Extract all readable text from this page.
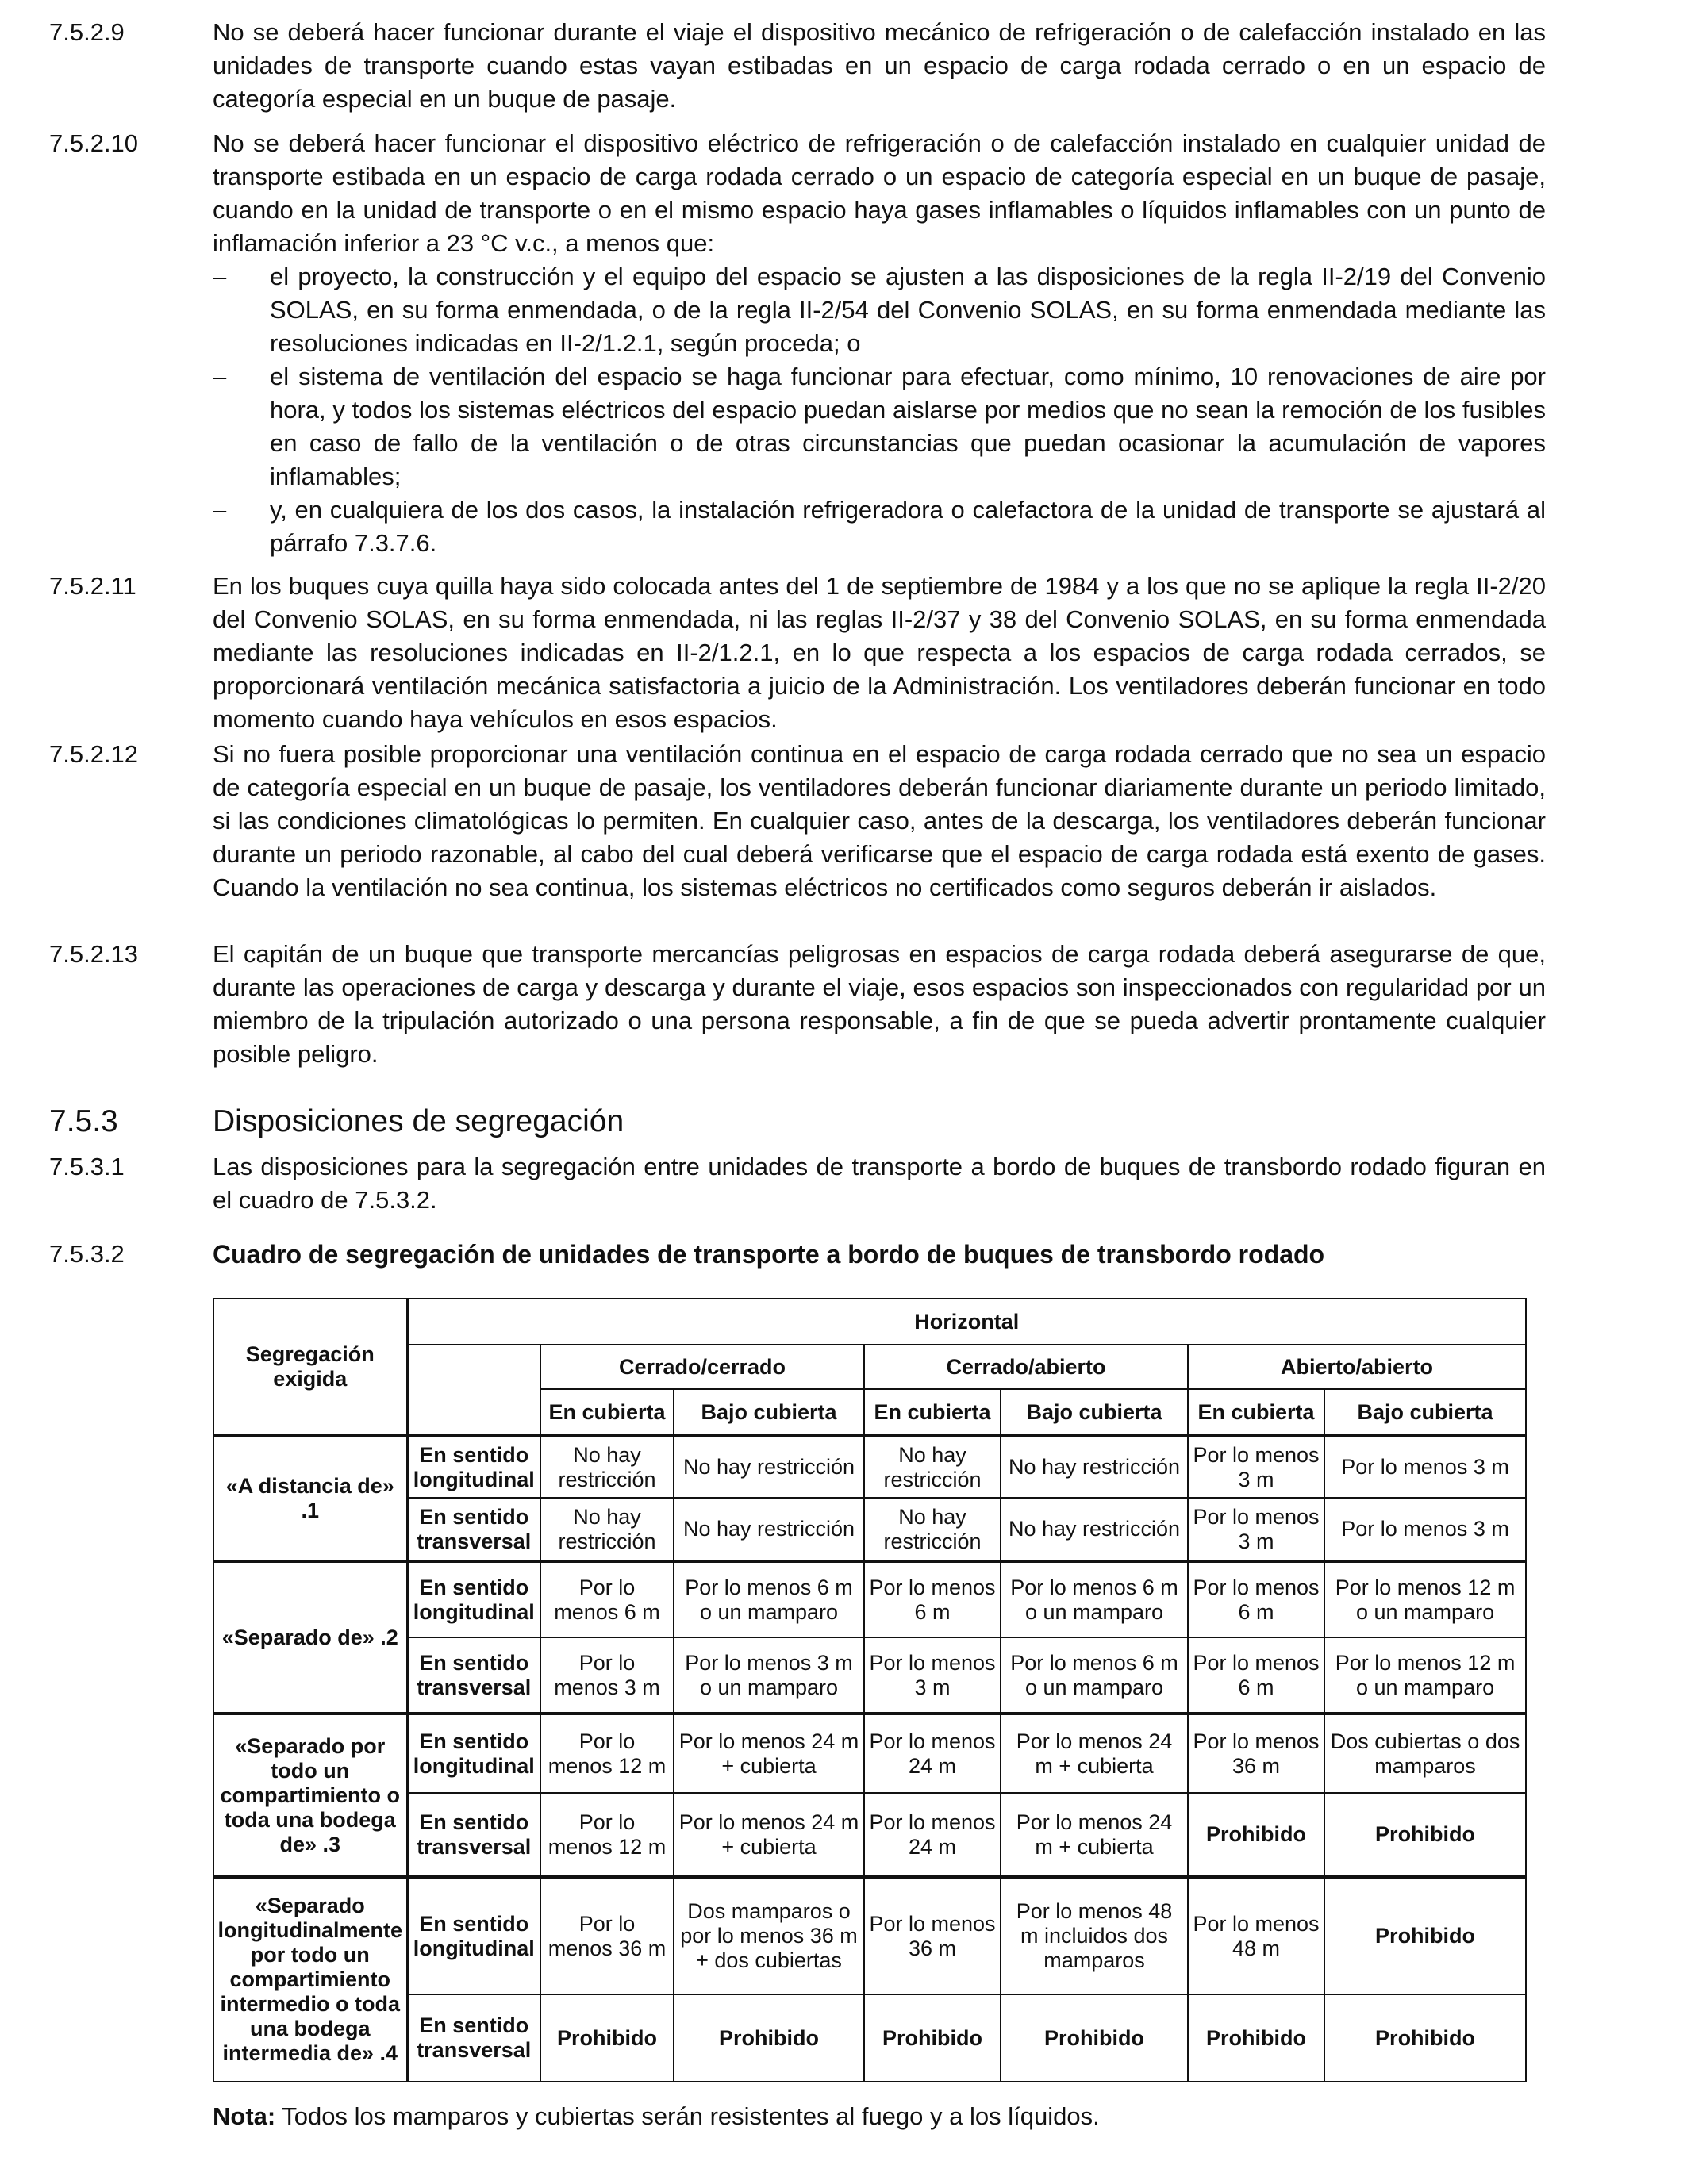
7.5.2.9	No se deberá hacer funcionar durante el viaje el dispositivo mecánico de refrigeración o de calefacción instalado en las unidades de transporte cuando estas vayan estibadas en un espacio de carga rodada cerrado o en un espacio de categoría especial en un buque de pasaje.
7.5.2.10	No se deberá hacer funcionar el dispositivo eléctrico de refrigeración o de calefacción instalado en cualquier unidad de transporte estibada en un espacio de carga rodada cerrado o un espacio de categoría especial en un buque de pasaje, cuando en la unidad de transporte o en el mismo espacio haya gases inflamables o líquidos inflamables con un punto de inflamación inferior a 23 °C v.c., a menos que:

– el proyecto, la construcción y el equipo del espacio se ajusten a las disposiciones de la regla II-2/19 del Convenio SOLAS, en su forma enmendada, o de la regla II-2/54 del Convenio SOLAS, en su forma enmendada mediante las resoluciones indicadas en II-2/1.2.1, según proceda; o
– el sistema de ventilación del espacio se haga funcionar para efectuar, como mínimo, 10 renovaciones de aire por hora, y todos los sistemas eléctricos del espacio puedan aislarse por medios que no sean la remoción de los fusibles en caso de fallo de la ventilación o de otras circunstancias que puedan ocasionar la acumulación de vapores inflamables;
– y, en cualquiera de los dos casos, la instalación refrigeradora o calefactora de la unidad de transporte se ajustará al párrafo 7.3.7.6.
7.5.2.11	En los buques cuya quilla haya sido colocada antes del 1 de septiembre de 1984 y a los que no se aplique la regla II-2/20 del Convenio SOLAS, en su forma enmendada, ni las reglas II-2/37 y 38 del Convenio SOLAS, en su forma enmendada mediante las resoluciones indicadas en II-2/1.2.1, en lo que respecta a los espacios de carga rodada cerrados, se proporcionará ventilación mecánica satisfactoria a juicio de la Administración. Los ventiladores deberán funcionar en todo momento cuando haya vehículos en esos espacios.
7.5.2.12	Si no fuera posible proporcionar una ventilación continua en el espacio de carga rodada cerrado que no sea un espacio de categoría especial en un buque de pasaje, los ventiladores deberán funcionar diariamente durante un periodo limitado, si las condiciones climatológicas lo permiten. En cualquier caso, antes de la descarga, los ventiladores deberán funcionar durante un periodo razonable, al cabo del cual deberá verificarse que el espacio de carga rodada está exento de gases. Cuando la ventilación no sea continua, los sistemas eléctricos no certificados como seguros deberán ir aislados.
7.5.2.13	El capitán de un buque que transporte mercancías peligrosas en espacios de carga rodada deberá asegurarse de que, durante las operaciones de carga y descarga y durante el viaje, esos espacios son inspeccionados con regularidad por un miembro de la tripulación autorizado o una persona responsable, a fin de que se pueda advertir prontamente cualquier posible peligro.
7.5.3	Disposiciones de segregación
7.5.3.1	Las disposiciones para la segregación entre unidades de transporte a bordo de buques de transbordo rodado figuran en el cuadro de 7.5.3.2.
7.5.3.2	Cuadro de segregación de unidades de transporte a bordo de buques de transbordo rodado
Segregación exigida	Horizontal						
		Cerrado/cerrado		Cerrado/abierto		Abierto/abierto	
		En cubierta	Bajo cubierta	En cubierta	Bajo cubierta	En cubierta	Bajo cubierta
«A distancia de» .1	En sentido longitudinal	No hay restricción	No hay restricción	No hay restricción	No hay restricción	Por lo menos 3 m	Por lo menos 3 m
	En sentido transversal	No hay restricción	No hay restricción	No hay restricción	No hay restricción	Por lo menos 3 m	Por lo menos 3 m
«Separado de» .2	En sentido longitudinal	Por lo menos 6 m	Por lo menos 6 m o un mamparo	Por lo menos 6 m	Por lo menos 6 m o un mamparo	Por lo menos 6 m	Por lo menos 12 m o un mamparo
	En sentido transversal	Por lo menos 3 m	Por lo menos 3 m o un mamparo	Por lo menos 3 m	Por lo menos 6 m o un mamparo	Por lo menos 6 m	Por lo menos 12 m o un mamparo
«Separado por todo un compartimiento o toda una bodega de» .3	En sentido longitudinal	Por lo menos 12 m	Por lo menos 24 m + cubierta	Por lo menos 24 m	Por lo menos 24 m + cubierta	Por lo menos 36 m	Dos cubiertas o dos mamparos
	En sentido transversal	Por lo menos 12 m	Por lo menos 24 m + cubierta	Por lo menos 24 m	Por lo menos 24 m + cubierta	Prohibido	Prohibido
«Separado longitudinalmente por todo un compartimiento intermedio o toda una bodega intermedia de» .4	En sentido longitudinal	Por lo menos 36 m	Dos mamparos o por lo menos 36 m + dos cubiertas	Por lo menos 36 m	Por lo menos 48 m incluidos dos mamparos	Por lo menos 48 m	Prohibido
	En sentido transversal	Prohibido	Prohibido	Prohibido	Prohibido	Prohibido	Prohibido
Nota: Todos los mamparos y cubiertas serán resistentes al fuego y a los líquidos.
